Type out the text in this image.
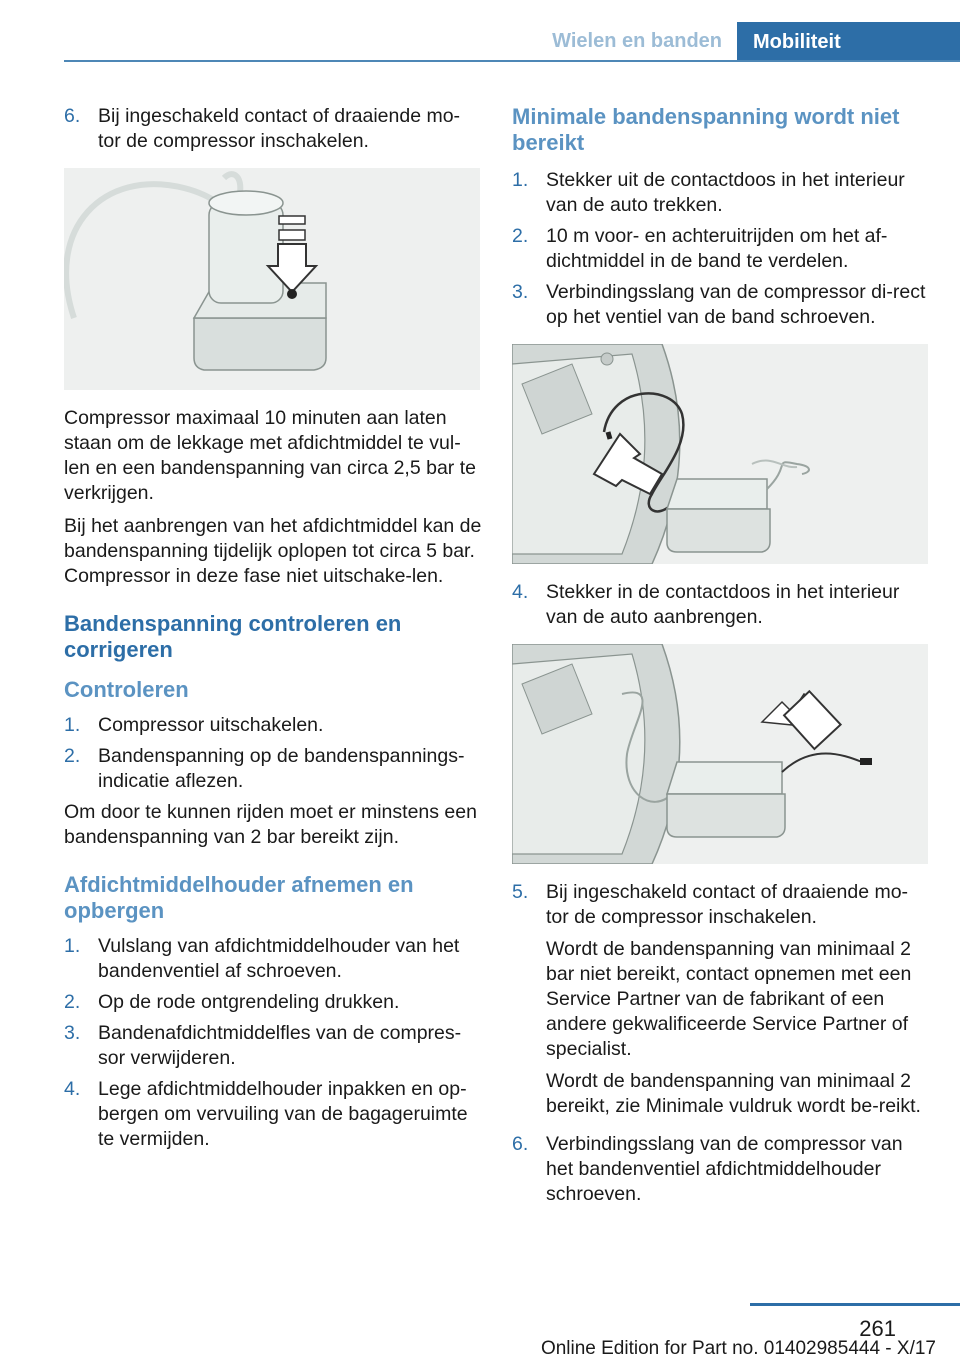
Wielen en banden	Mobiliteit
6. Bij ingeschakeld contact of draaiende mo‐tor de compressor inschakelen.

Compressor maximaal 10 minuten aan laten staan om de lekkage met afdichtmiddel te vul‐len en een bandenspanning van circa 2,5 bar te verkrijgen.

Bij het aanbrengen van het afdichtmiddel kan de bandenspanning tijdelijk oplopen tot circa 5 bar. Compressor in deze fase niet uitschake‐len.

Bandenspanning controleren en corrigeren
Controleren
1. Compressor uitschakelen.
2. Bandenspanning op de bandenspannings‐indicatie aflezen.

Om door te kunnen rijden moet er minstens een bandenspanning van 2 bar bereikt zijn.

Afdichtmiddelhouder afnemen en opbergen
1. Vulslang van afdichtmiddelhouder van het bandenventiel af schroeven.
2. Op de rode ontgrendeling drukken.
3. Bandenafdichtmiddelfles van de compres‐sor verwijderen.
4. Lege afdichtmiddelhouder inpakken en op‐bergen om vervuiling van de bagageruimte te vermijden.
Minimale bandenspanning wordt niet bereikt
1. Stekker uit de contactdoos in het interieur van de auto trekken.
2. 10 m voor- en achteruitrijden om het af‐dichtmiddel in de band te verdelen.
3. Verbindingsslang van de compressor di‐rect op het ventiel van de band schroeven.
4. Stekker in de contactdoos in het interieur van de auto aanbrengen.
5. Bij ingeschakeld contact of draaiende mo‐tor de compressor inschakelen.

Wordt de bandenspanning van minimaal 2 bar niet bereikt, contact opnemen met een Service Partner van de fabrikant of een andere gekwalificeerde Service Partner of specialist.

Wordt de bandenspanning van minimaal 2 bereikt, zie Minimale vuldruk wordt be‐reikt.

6. Verbindingsslang van de compressor van het bandenventiel afdichtmiddelhouder schroeven.
261
Online Edition for Part no. 01402985444 - X/17
